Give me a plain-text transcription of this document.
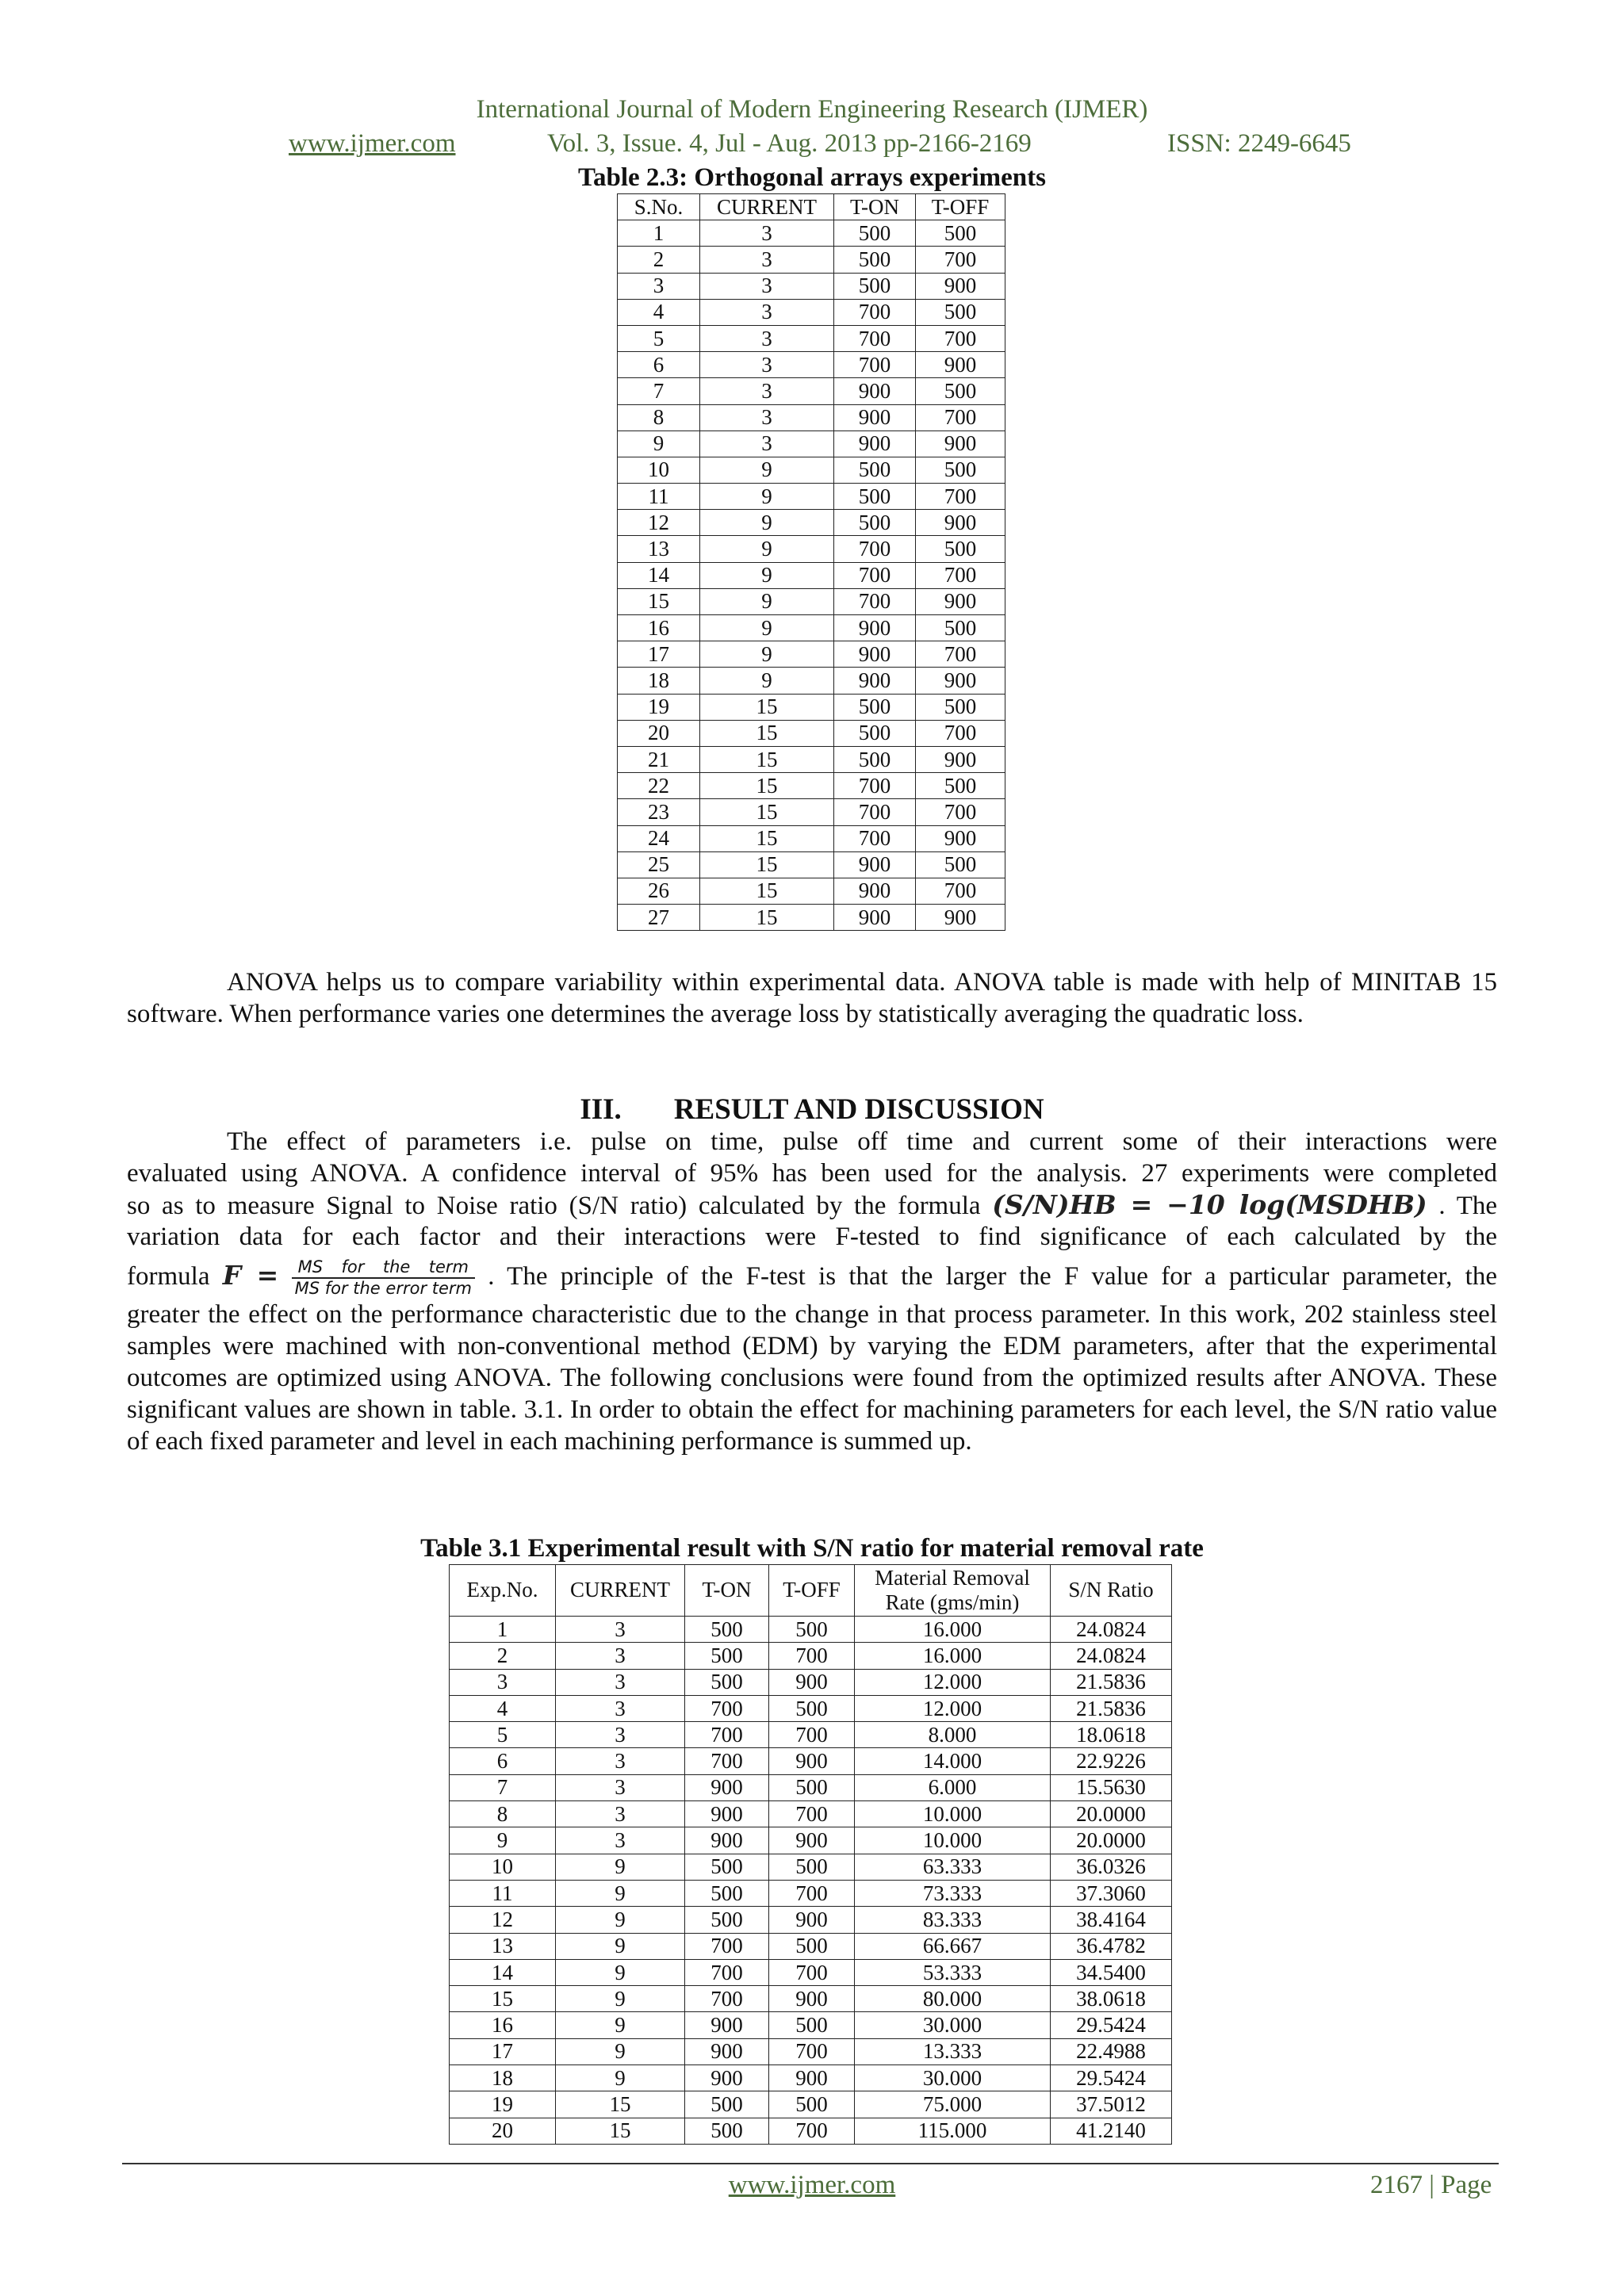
International Journal of Modern Engineering Research (IJMER)
www.ijmer.com	Vol. 3, Issue. 4, Jul - Aug. 2013 pp-2166-2169	ISSN: 2249-6645
Table 2.3: Orthogonal arrays experiments
S.No.	CURRENT	T-ON	T-OFF
1	3	500	500
2	3	500	700
3	3	500	900
4	3	700	500
5	3	700	700
6	3	700	900
7	3	900	500
8	3	900	700
9	3	900	900
10	9	500	500
11	9	500	700
12	9	500	900
13	9	700	500
14	9	700	700
15	9	700	900
16	9	900	500
17	9	900	700
18	9	900	900
19	15	500	500
20	15	500	700
21	15	500	900
22	15	700	500
23	15	700	700
24	15	700	900
25	15	900	500
26	15	900	700
27	15	900	900

ANOVA helps us to compare variability within experimental data. ANOVA table is made with help of MINITAB 15 software. When performance varies one determines the average loss by statistically averaging the quadratic loss.

III. RESULT AND DISCUSSION
The effect of parameters i.e. pulse on time, pulse off time and current some of their interactions were
evaluated using ANOVA. A confidence interval of 95% has been used for the analysis. 27 experiments were completed
so as to measure Signal to Noise ratio (S/N ratio) calculated by the formula (S/N)HB = −10 log(MSDHB) . The
variation data for each factor and their interactions were F-tested to find significance of each calculated by the
formula $F = \frac{\text{MS for the term}}{\text{MS for the error term}}$ . The principle of the F-test is that the larger the F value for a particular parameter, the

greater the effect on the performance characteristic due to the change in that process parameter. In this work, 202 stainless steel samples were machined with non-conventional method (EDM) by varying the EDM parameters, after that the experimental outcomes are optimized using ANOVA. The following conclusions were found from the optimized results after ANOVA. These significant values are shown in table. 3.1. In order to obtain the effect for machining parameters for each level, the S/N ratio value of each fixed parameter and level in each machining performance is summed up.

Table 3.1 Experimental result with S/N ratio for material removal rate
Exp.No.	CURRENT	T-ON	T-OFF	Material Removal Rate (gms/min)	S/N Ratio
1	3	500	500	16.000	24.0824
2	3	500	700	16.000	24.0824
3	3	500	900	12.000	21.5836
4	3	700	500	12.000	21.5836
5	3	700	700	8.000	18.0618
6	3	700	900	14.000	22.9226
7	3	900	500	6.000	15.5630
8	3	900	700	10.000	20.0000
9	3	900	900	10.000	20.0000
10	9	500	500	63.333	36.0326
11	9	500	700	73.333	37.3060
12	9	500	900	83.333	38.4164
13	9	700	500	66.667	36.4782
14	9	700	700	53.333	34.5400
15	9	700	900	80.000	38.0618
16	9	900	500	30.000	29.5424
17	9	900	700	13.333	22.4988
18	9	900	900	30.000	29.5424
19	15	500	500	75.000	37.5012
20	15	500	700	115.000	41.2140
www.ijmer.com	2167 | Page
